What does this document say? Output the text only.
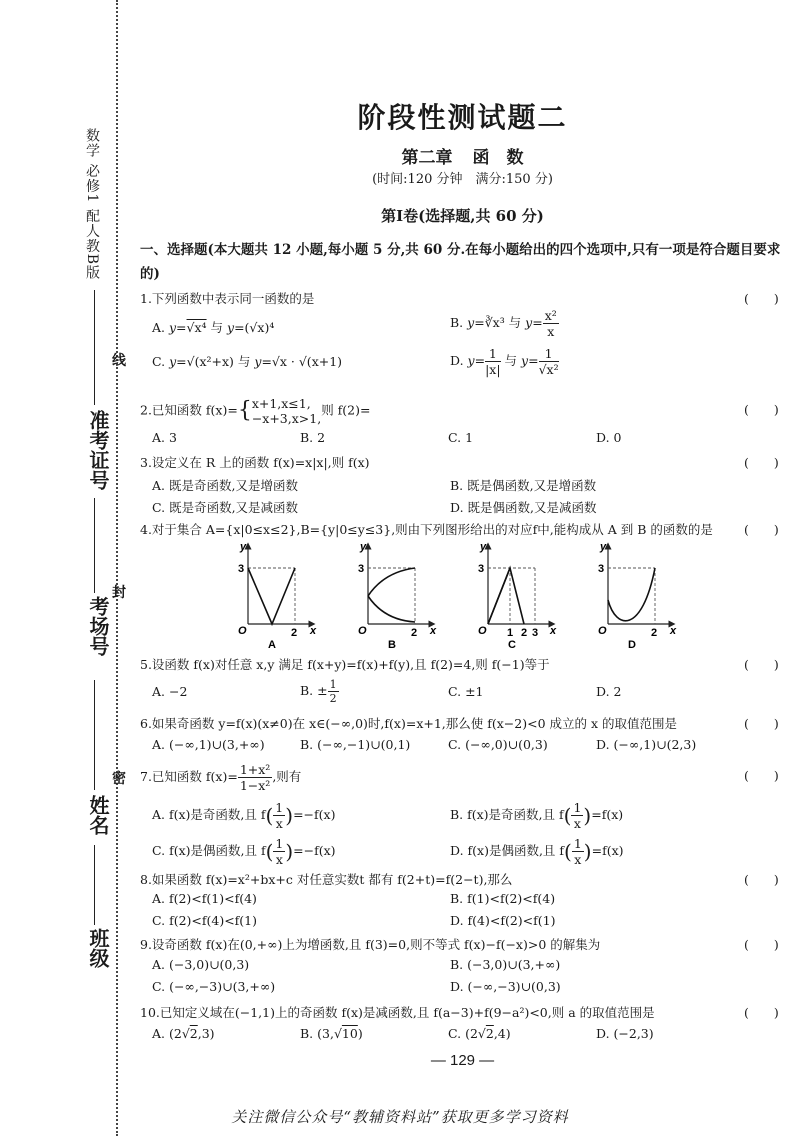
数学 必修1 配人教B版
线
封
密
准考证号
考场号
姓名
班级
阶段性测试题二
第二章 函　数
(时间:120 分钟　满分:150 分)
第Ⅰ卷(选择题,共 60 分)
一、选择题(本大题共 12 小题,每小题 5 分,共 60 分.在每小题给出的四个选项中,只有一项是符合题目要求的)
1.下列函数中表示同一函数的是	(　　)
A. y=√x⁴ 与 y=(√x)⁴	B. y=∛x³ 与 $y= \frac{\text{x²}}{x}$
C. y=√(x²+x) 与 y=√x · √(x+1)	D. $y= \frac{1}{|x|}$ 与 $y= \frac{1}{\text{√x²}}$
2.已知函数 f(x)={ x+1,x≤1,
−x+3,x>1,
则 f(2)=	(　　)
A. 3	B. 2	C. 1	D. 0
3.设定义在 R 上的函数 f(x)=x|x|,则 f(x)	(　　)
A. 既是奇函数,又是增函数	B. 既是偶函数,又是增函数
C. 既是奇函数,又是减函数	D. 既是偶函数,又是减函数
4.对于集合 A={x|0≤x≤2},B={y|0≤y≤3},则由下列图形给出的对应f中,能构成从 A 到 B 的函数的是 (　　)
y
3
O	2 x
A
y
3
O	2 x
B
y
3
O 1 2 3 x
C
y
3
O	2 x
D
5.设函数 f(x)对任意 x,y 满足 f(x+y)=f(x)+f(y),且 f(2)=4,则 f(−1)等于	(　　)
A. −2	B. ± $\frac{1}{2}$	C. ±1	D. 2
6.如果奇函数 y=f(x)(x≠0)在 x∈(−∞,0)时,f(x)=x+1,那么使 f(x−2)<0 成立的 x 的取值范围是	(　　)
A. (−∞,1)∪(3,+∞)	B. (−∞,−1)∪(0,1)	C. (−∞,0)∪(0,3)	D. (−∞,1)∪(2,3)
7.已知函数 $f(x)= \frac{\text{1+x²}}{\text{1−x²}}$ ,则有	(　　)
A. f(x)是奇函数,且 $f( \frac{1}{x} )=-f(x)$	B. f(x)是奇函数,且 $f( \frac{1}{x} )=f(x)$
C. f(x)是偶函数,且 $f( \frac{1}{x} )=-f(x)$	D. f(x)是偶函数,且 $f( \frac{1}{x} )=f(x)$
8.如果函数 f(x)=x²+bx+c 对任意实数t 都有 f(2+t)=f(2−t),那么	(　　)
A. f(2)<f(1)<f(4)	B. f(1)<f(2)<f(4)
C. f(2)<f(4)<f(1)	D. f(4)<f(2)<f(1)
9.设奇函数 f(x)在(0,+∞)上为增函数,且 f(3)=0,则不等式 f(x)−f(−x)>0 的解集为	(　　)
A. (−3,0)∪(0,3)	B. (−3,0)∪(3,+∞)
C. (−∞,−3)∪(3,+∞)	D. (−∞,−3)∪(0,3)
10.已知定义域在(−1,1)上的奇函数 f(x)是减函数,且 f(a−3)+f(9−a²)<0,则 a 的取值范围是	(　　)
A. (2√2,3)	B. (3,√10)	C. (2√2,4)	D. (−2,3)
— 129 —
关注微信公众号“教辅资料站”获取更多学习资料
